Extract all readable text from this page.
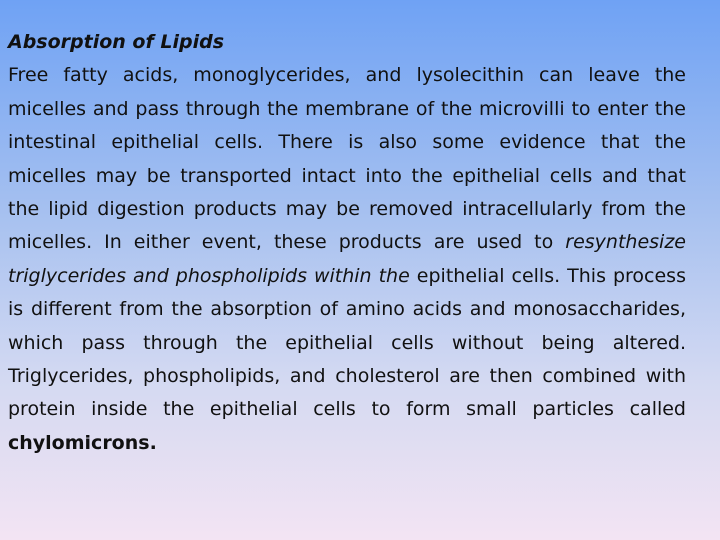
Absorption of Lipids
Free fatty acids, monoglycerides, and lysolecithin can leave the micelles and pass through the membrane of the microvilli to enter the intestinal epithelial cells. There is also some evidence that the micelles may be transported intact into the epithelial cells and that the lipid digestion products may be removed intracellularly from the micelles. In either event, these products are used to resynthesize triglycerides and phospholipids within the epithelial cells. This process is different from the absorption of amino acids and monosaccharides, which pass through the epithelial cells without being altered. Triglycerides, phospholipids, and cholesterol are then combined with protein inside the epithelial cells to form small particles called chylomicrons.
